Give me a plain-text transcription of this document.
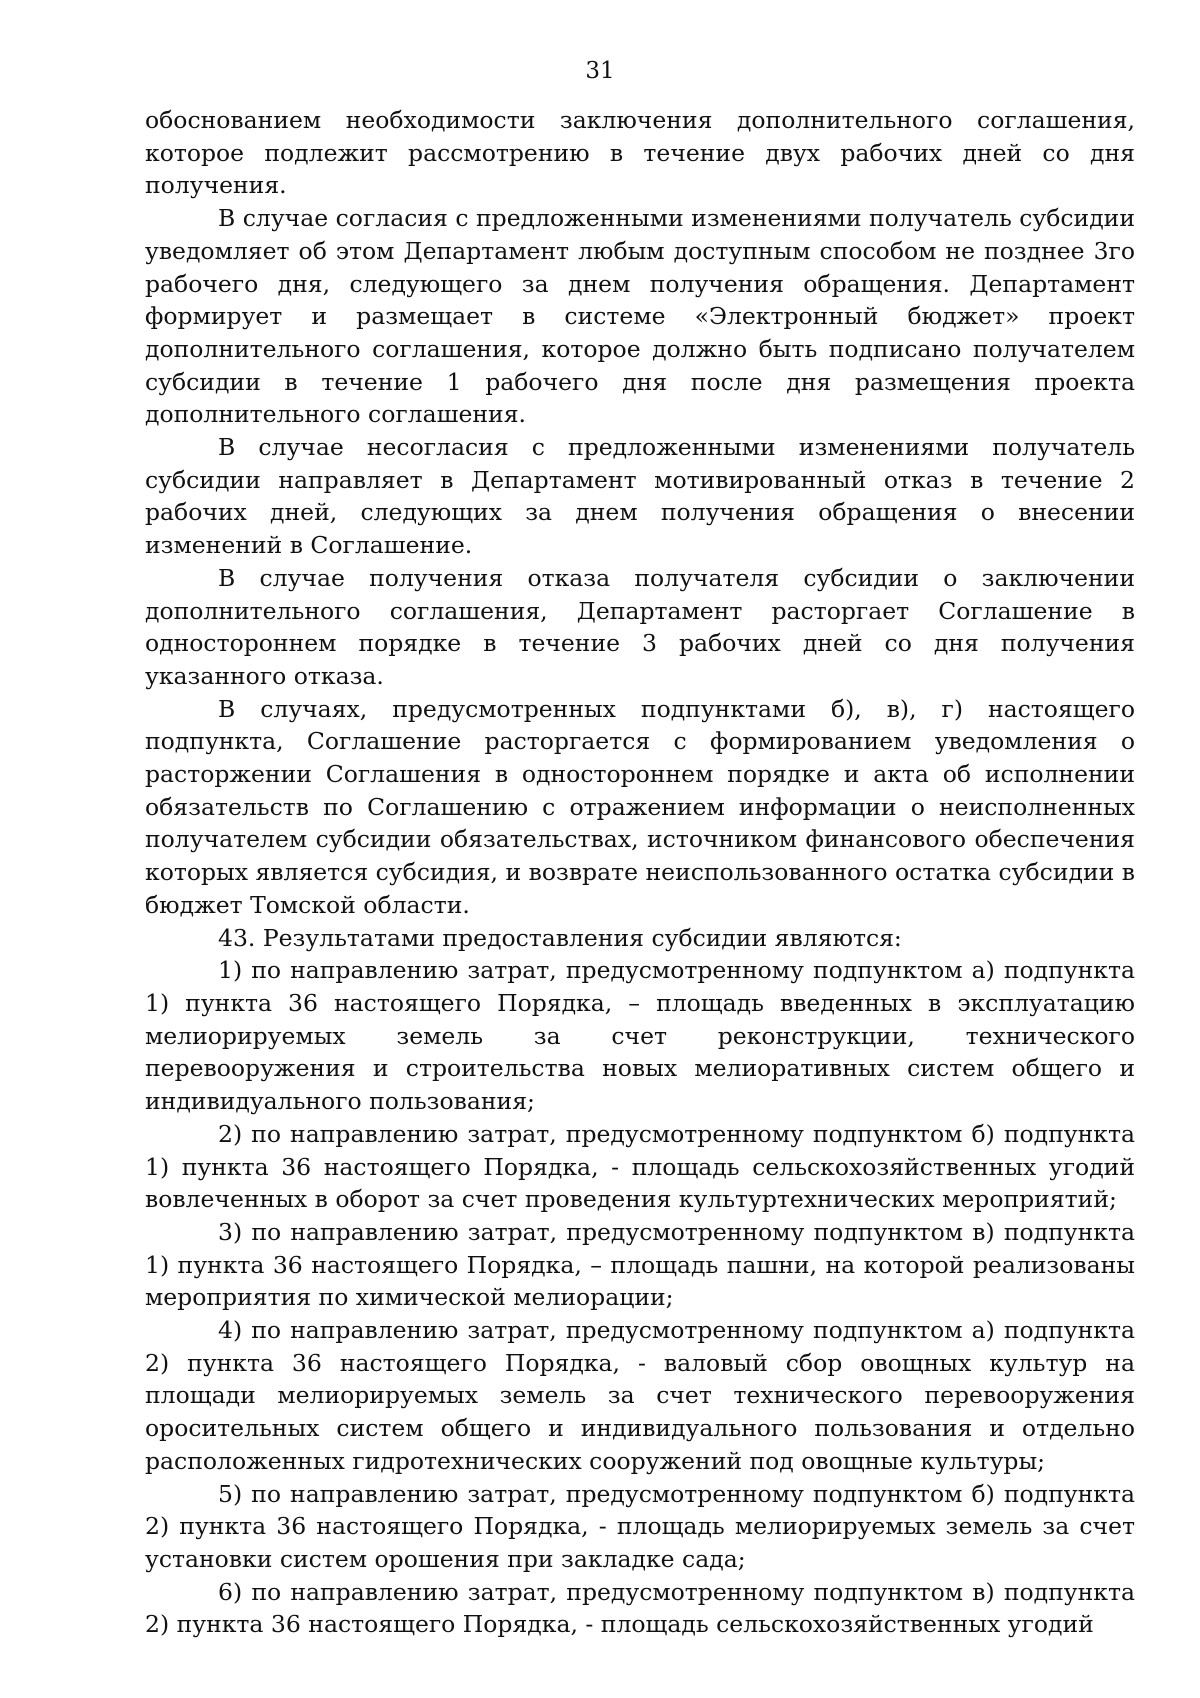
31

обоснованием необходимости заключения дополнительного соглашения, которое подлежит рассмотрению в течение двух рабочих дней со дня получения.

В случае согласия с предложенными изменениями получатель субсидии уведомляет об этом Департамент любым доступным способом не позднее 3го рабочего дня, следующего за днем получения обращения. Департамент формирует и размещает в системе «Электронный бюджет» проект дополнительного соглашения, которое должно быть подписано получателем субсидии в течение 1 рабочего дня после дня размещения проекта дополнительного соглашения.

В случае несогласия с предложенными изменениями получатель субсидии направляет в Департамент мотивированный отказ в течение 2 рабочих дней, следующих за днем получения обращения о внесении изменений в Соглашение.

В случае получения отказа получателя субсидии о заключении дополнительного соглашения, Департамент расторгает Соглашение в одностороннем порядке в течение 3 рабочих дней со дня получения указанного отказа.

В случаях, предусмотренных подпунктами б), в), г) настоящего подпункта, Соглашение расторгается с формированием уведомления о расторжении Соглашения в одностороннем порядке и акта об исполнении обязательств по Соглашению с отражением информации о неисполненных получателем субсидии обязательствах, источником финансового обеспечения которых является субсидия, и возврате неиспользованного остатка субсидии в бюджет Томской области.

43. Результатами предоставления субсидии являются:

1) по направлению затрат, предусмотренному подпунктом а) подпункта 1) пункта 36 настоящего Порядка, – площадь введенных в эксплуатацию мелиорируемых земель за счет реконструкции, технического перевооружения и строительства новых мелиоративных систем общего и индивидуального пользования;

2) по направлению затрат, предусмотренному подпунктом б) подпункта 1) пункта 36 настоящего Порядка, - площадь сельскохозяйственных угодий вовлеченных в оборот за счет проведения культуртехнических мероприятий;

3) по направлению затрат, предусмотренному подпунктом в) подпункта 1) пункта 36 настоящего Порядка, – площадь пашни, на которой реализованы мероприятия по химической мелиорации;

4) по направлению затрат, предусмотренному подпунктом а) подпункта 2) пункта 36 настоящего Порядка, - валовый сбор овощных культур на площади мелиорируемых земель за счет технического перевооружения оросительных систем общего и индивидуального пользования и отдельно расположенных гидротехнических сооружений под овощные культуры;

5) по направлению затрат, предусмотренному подпунктом б) подпункта 2) пункта 36 настоящего Порядка, - площадь мелиорируемых земель за счет установки систем орошения при закладке сада;

6) по направлению затрат, предусмотренному подпунктом в) подпункта 2) пункта 36 настоящего Порядка, - площадь сельскохозяйственных угодий
